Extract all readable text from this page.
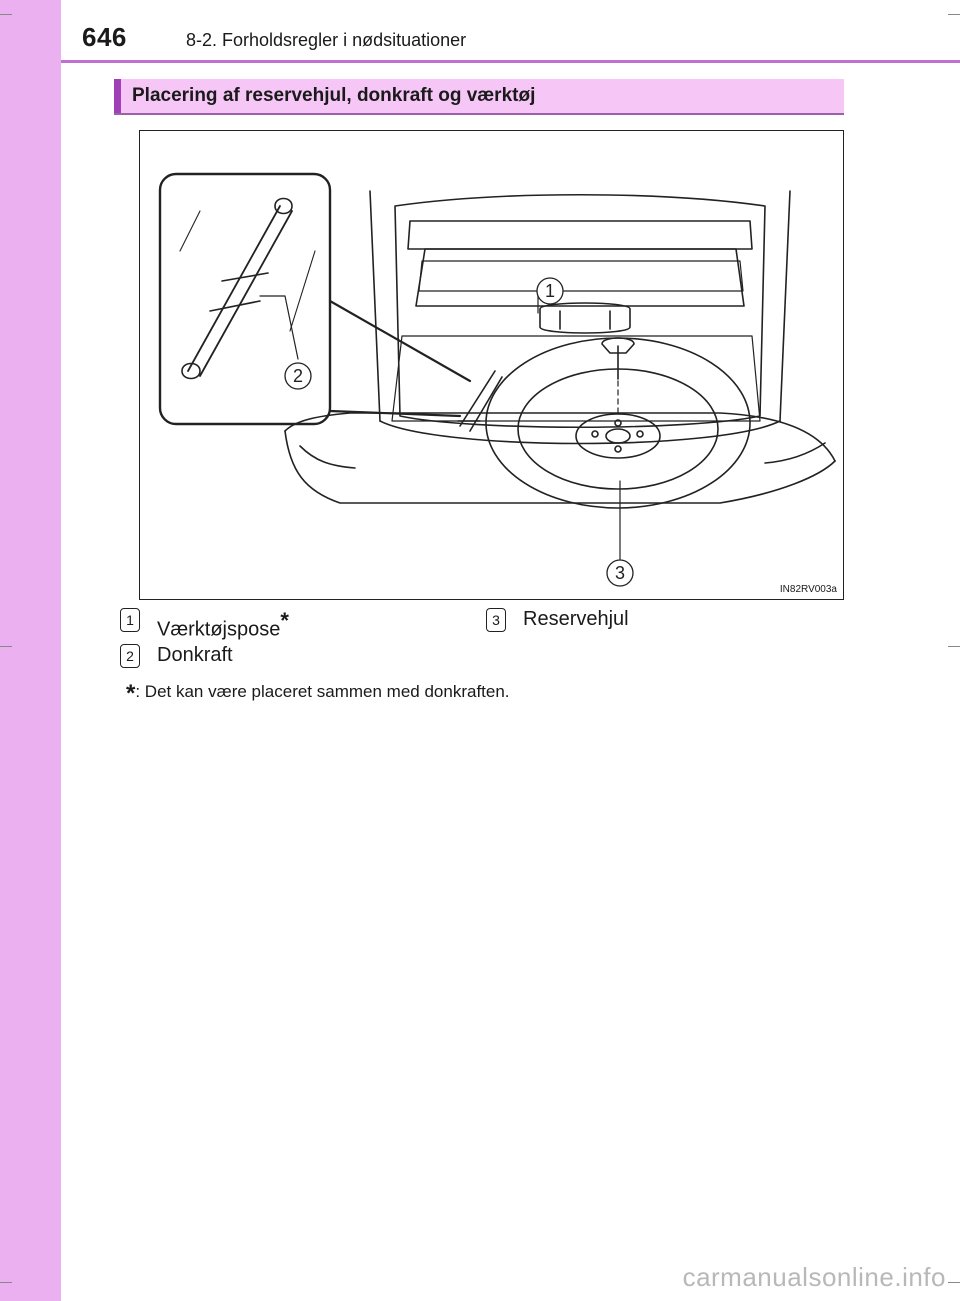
646	8-2. Forholdsregler i nødsituationer
Placering af reservehjul, donkraft og værktøj
1
2
3
IN82RV003a
1	Værktøjspose*
2	Donkraft
3	Reservehjul
*: Det kan være placeret sammen med donkraften.
carmanualsonline.info
